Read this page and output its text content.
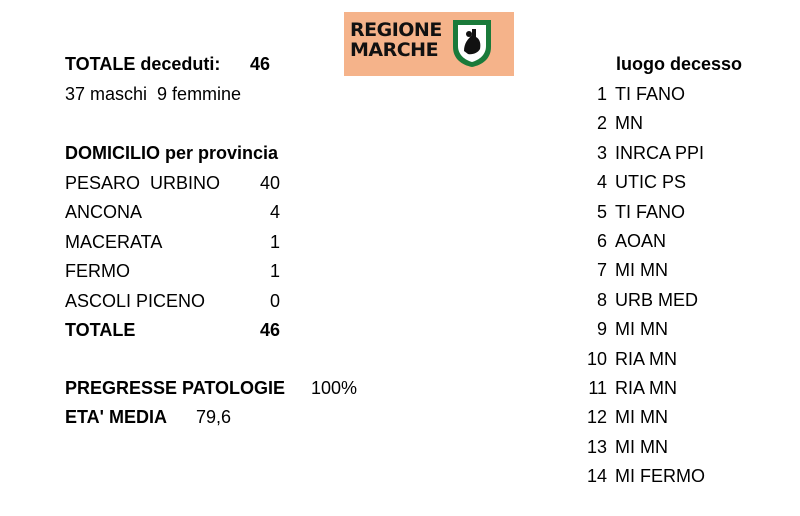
REGIONE
MARCHE
TOTALE deceduti: 46
37 maschi  9 femmine
DOMICILIO per provincia
PESARO  URBINO	40
ANCONA	4
MACERATA	1
FERMO	1
ASCOLI PICENO	0
TOTALE	46
PREGRESSE PATOLOGIE 100%
ETA' MEDIA 79,6
luogo decesso
1 TI FANO
2 MN
3 INRCA PPI
4 UTIC PS
5 TI FANO
6 AOAN
7 MI MN
8 URB MED
9 MI MN
10 RIA MN
11 RIA MN
12 MI MN
13 MI MN
14 MI FERMO
